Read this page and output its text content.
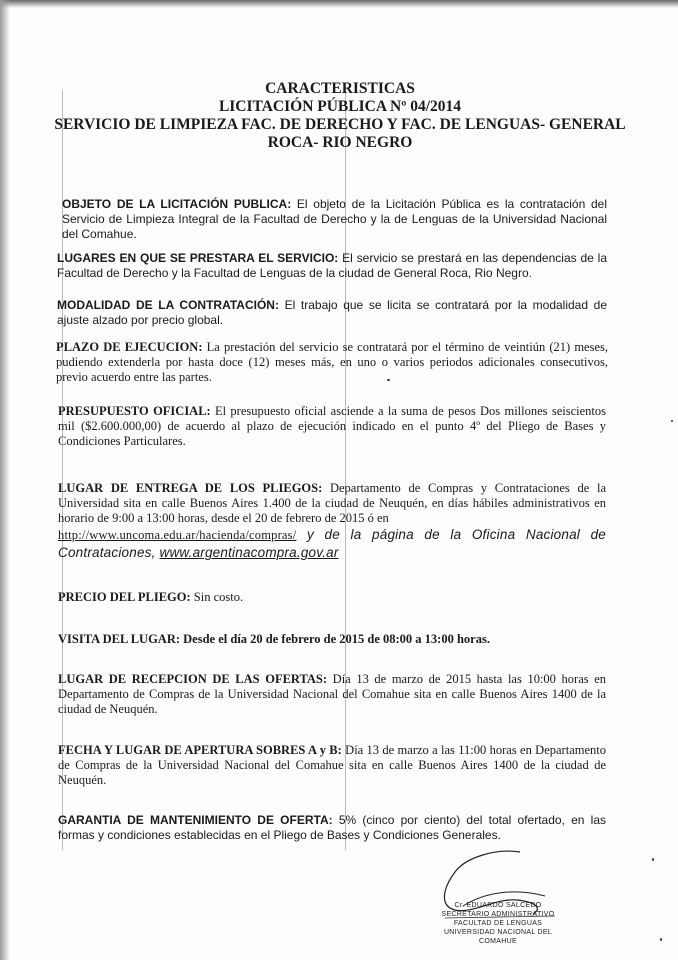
CARACTERISTICAS
LICITACIÓN PÚBLICA Nº 04/2014
SERVICIO DE LIMPIEZA FAC. DE DERECHO Y FAC. DE LENGUAS- GENERAL
ROCA- RIO NEGRO
OBJETO DE LA LICITACIÓN PUBLICA: El objeto de la Licitación Pública es la contratación del Servicio de Limpieza Integral de la Facultad de Derecho y la de Lenguas de la Universidad Nacional del Comahue.
LUGARES EN QUE SE PRESTARA EL SERVICIO: El servicio se prestará en las dependencias de la Facultad de Derecho y la Facultad de Lenguas de la ciudad de General Roca, Rio Negro.
MODALIDAD DE LA CONTRATACIÓN: El trabajo que se licita se contratará por la modalidad de ajuste alzado por precio global.
PLAZO DE EJECUCION: La prestación del servicio se contratará por el término de veintiún (21) meses, pudiendo extenderla por hasta doce (12) meses más, en uno o varios periodos adicionales consecutivos, previo acuerdo entre las partes.
PRESUPUESTO OFICIAL: El presupuesto oficial asciende a la suma de pesos Dos millones seiscientos mil ($2.600.000,00) de acuerdo al plazo de ejecución indicado en el punto 4º del Pliego de Bases y Condiciones Particulares.
LUGAR DE ENTREGA DE LOS PLIEGOS: Departamento de Compras y Contrataciones de la Universidad sita en calle Buenos Aires 1.400 de la ciudad de Neuquén, en días hábiles administrativos en horario de 9:00 a 13:00 horas, desde el 20 de febrero de 2015 ó en
http://www.uncoma.edu.ar/hacienda/compras/ y de la página de la Oficina Nacional de Contrataciones, www.argentinacompra.gov.ar
PRECIO DEL PLIEGO: Sin costo.
VISITA DEL LUGAR: Desde el día 20 de febrero de 2015 de 08:00 a 13:00 horas.
LUGAR DE RECEPCION DE LAS OFERTAS: Día 13 de marzo de 2015 hasta las 10:00 horas en Departamento de Compras de la Universidad Nacional del Comahue sita en calle Buenos Aires 1400 de la ciudad de Neuquén.
FECHA Y LUGAR DE APERTURA SOBRES A y B: Día 13 de marzo a las 11:00 horas en Departamento de Compras de la Universidad Nacional del Comahue sita en calle Buenos Aires 1400 de la ciudad de Neuquén.
GARANTIA DE MANTENIMIENTO DE OFERTA: 5% (cinco por ciento) del total ofertado, en las formas y condiciones establecidas en el Pliego de Bases y Condiciones Generales.
Cr. EDUARDO SALCEDO
SECRETARIO ADMINISTRATIVO
FACULTAD DE LENGUAS
UNIVERSIDAD NACIONAL DEL COMAHUE
